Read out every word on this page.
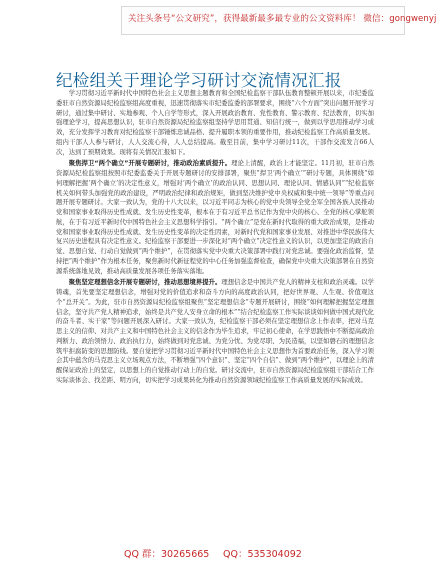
关注头条号“公文研究”，获得最新最多最专业的公文资料库！ 微信：gongwenyj
纪检组关于理论学习研讨交流情况汇报

学习贯彻习近平新时代中国特色社会主义思想主题教育和全国纪检监察干部队伍教育整顿开展以来，市纪委监委驻市自然资源局纪检监察组高度重视，迅速贯彻落实市纪委监委的部署要求，围绕“六个方面”突出问题开展学习研讨，通过集中研讨、实地参观、个人自学等形式，深入开展政治教育、党性教育、警示教育、纪法教育，切实加强理论学习，提高思想认识，驻市自然资源局纪检监察组坚持学思用贯通、知信行统一，做到以学思用推动学习成效，充分发挥学习教育对纪检监察干部锤炼忠诚品格、提升履职本领的重要作用，推动纪检监察工作高质量发展。组内干部人人参与研讨，人人交流心得，人人总结提高。截至目前，集中学习研讨11次，干部作交流发言66人次，达到了预期效果。现将有关情况汇报如下。

聚焦捍卫“两个确立”开展专题研讨，推动政治素质提升。理论上清醒，政治上才能坚定。11月初，驻市自然资源局纪检监察组按照市纪委监委关于开展专题研讨的安排部署，聚焦“捍卫‘两个确立’”研讨专题，具体围绕“如何理解把握‘两个确立’的决定性意义，增强对‘两个确立’的政治认同、思想认同、理论认同、情感认同”“纪检监察机关如何带头加强党的政治建设，严明政治纪律和政治规矩，做到坚决维护党中央权威和集中统一领导”等重点问题开展专题研讨。大家一致认为，党的十八大以来，以习近平同志为核心的党中央领导全党全军全国各族人民推动党和国家事业取得历史性成就、发生历史性变革，根本在于有习近平总书记作为党中央的核心、全党的核心掌舵领航，在于有习近平新时代中国特色社会主义思想科学指引。“两个确立”是党在新时代取得的重大政治成果，是推动党和国家事业取得历史性成就、发生历史性变革的决定性因素，对新时代党和国家事业发展、对推进中华民族伟大复兴历史进程具有决定性意义。纪检监察干部要进一步深化对“两个确立”决定性意义的认识，以更加坚定的政治自觉、思想自觉、行动自觉做到“两个维护”，在贯彻落实党中央重大决策部署中践行对党忠诚。要强化政治监督，坚持把“两个维护”作为根本任务，聚焦新时代新征程党的中心任务加强监督检查，确保党中央重大决策部署在自然资源系统落地见效，推动高质量发展各项任务落实落地。

聚焦坚定理想信念开展专题研讨，推动思想境界提升。理想信念是中国共产党人的精神支柱和政治灵魂。以学铸魂，首先要坚定理想信念，增强对党的价值追求和奋斗方向的高度政治认同，把好世界观、人生观、价值观这个“总开关”。为此，驻市自然资源局纪检监察组聚焦“坚定理想信念”专题开展研讨，围绕“如何理解把握坚定理想信念，坚守共产党人精神追求，始终是共产党人安身立命的根本”“结合纪检监察工作实际谈谈如何做中国式现代化的奋斗者、实干家”等问题开展深入研讨。大家一致认为，纪检监察干部必须在坚定理想信念上作表率，把对马克思主义的信仰、对共产主义和中国特色社会主义的信念作为毕生追求，牢记初心使命，在学思践悟中不断提高政治判断力、政治领悟力、政治执行力，始终做到对党忠诚、为党分忧、为党尽职、为民造福，以坚如磐石的理想信念筑牢拒腐防变的思想防线。要自觉把学习贯彻习近平新时代中国特色社会主义思想作为首要政治任务，深入学习领会其中蕴含的马克思主义立场观点方法，不断增强“四个意识”、坚定“四个自信”、做到“两个维护”，以理论上的清醒保证政治上的坚定，以思想上的自觉推动行动上的自觉。研讨交流中，驻市自然资源局纪检监察组干部结合工作实际谈体会、找差距、明方向，切实把学习成果转化为推动自然资源领域纪检监察工作高质量发展的实际成效。

QQ 群：30265665 QQ：535304092
